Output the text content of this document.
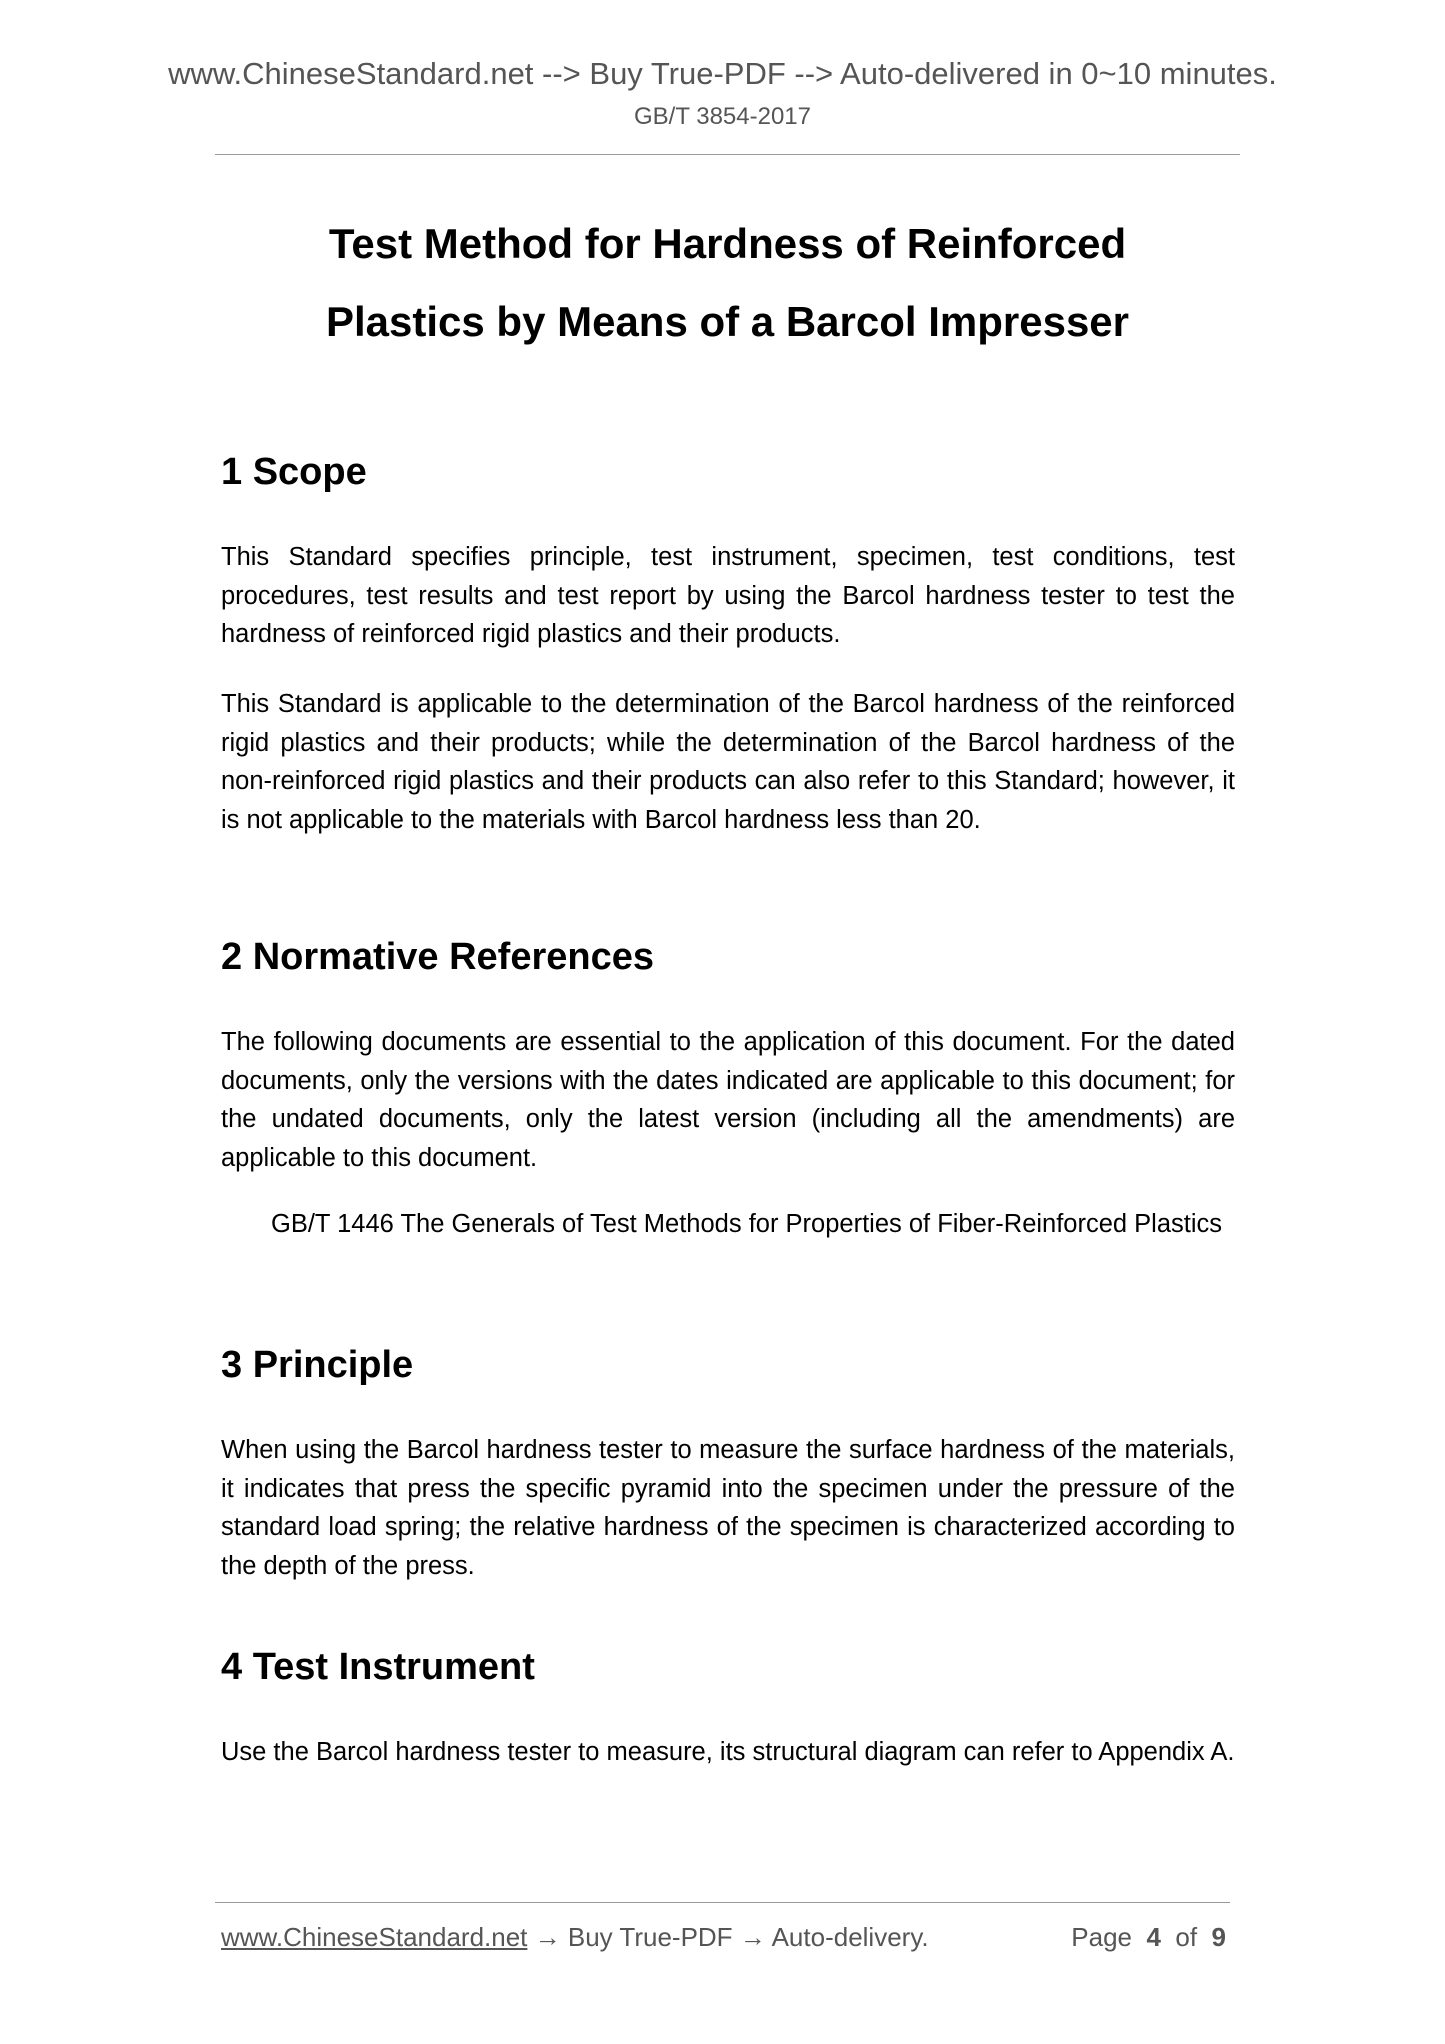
www.ChineseStandard.net --> Buy True-PDF --> Auto-delivered in 0~10 minutes.
GB/T 3854-2017
Test Method for Hardness of Reinforced
Plastics by Means of a Barcol Impresser
1 Scope

This Standard specifies principle, test instrument, specimen, test conditions, test procedures, test results and test report by using the Barcol hardness tester to test the hardness of reinforced rigid plastics and their products.

This Standard is applicable to the determination of the Barcol hardness of the reinforced rigid plastics and their products; while the determination of the Barcol hardness of the non-reinforced rigid plastics and their products can also refer to this Standard; however, it is not applicable to the materials with Barcol hardness less than 20.

2 Normative References

The following documents are essential to the application of this document. For the dated documents, only the versions with the dates indicated are applicable to this document; for the undated documents, only the latest version (including all the amendments) are applicable to this document.

GB/T 1446 The Generals of Test Methods for Properties of Fiber-Reinforced Plastics

3 Principle

When using the Barcol hardness tester to measure the surface hardness of the materials, it indicates that press the specific pyramid into the specimen under the pressure of the standard load spring; the relative hardness of the specimen is characterized according to the depth of the press.

4 Test Instrument

Use the Barcol hardness tester to measure, its structural diagram can refer to Appendix A.

www.ChineseStandard.net → Buy True-PDF → Auto-delivery.	Page 4 of 9
